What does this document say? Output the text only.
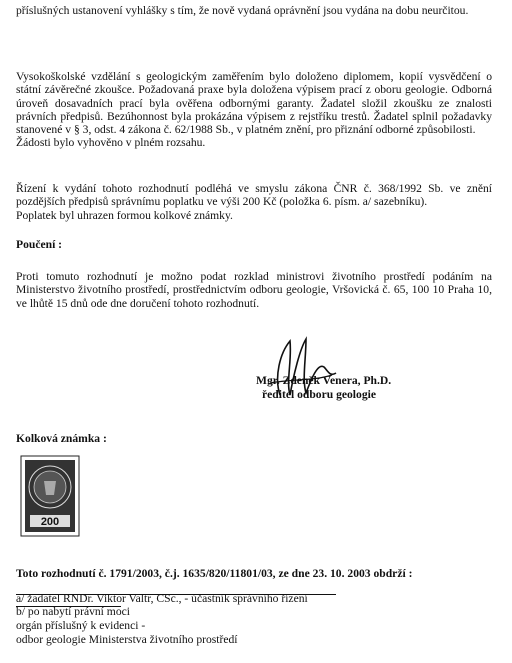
příslušných ustanovení vyhlášky s tím, že nově vydaná oprávnění jsou vydána na dobu neurčitou.

Vysokoškolské vzdělání s geologickým zaměřením bylo doloženo diplomem, kopií vysvědčení o státní závěrečné zkoušce. Požadovaná praxe byla doložena výpisem prací z oboru geologie. Odborná úroveň dosavadních prací byla ověřena odbornými garanty. Žadatel složil zkoušku ze znalosti právních předpisů. Bezúhonnost byla prokázána výpisem z rejstříku trestů. Žadatel splnil požadavky stanovené v § 3, odst. 4 zákona č. 62/1988 Sb., v platném znění, pro přiznání odborné způsobilosti.
Žádosti bylo vyhověno v plném rozsahu.

Řízení k vydání tohoto rozhodnutí podléhá ve smyslu zákona ČNR č. 368/1992 Sb. ve znění pozdějších předpisů správnímu poplatku ve výši 200 Kč (položka 6. písm. a/ sazebníku).
Poplatek byl uhrazen formou kolkové známky.

Poučení :

Proti tomuto rozhodnutí je možno podat rozklad ministrovi životního prostředí podáním na Ministerstvo životního prostředí, prostřednictvím odboru geologie, Vršovická č. 65, 100 10 Praha 10, ve lhůtě 15 dnů ode dne doručení tohoto rozhodnutí.

Mgr. Zdeněk Venera, Ph.D.
ředitel odboru geologie

Kolková známka :

200

Toto rozhodnutí č. 1791/2003, č.j. 1635/820/11801/03, ze dne 23. 10. 2003 obdrží :

a/ žadatel RNDr. Viktor Valtr, CSc., - účastník správního řízení

b/ po nabytí právní moci

orgán příslušný k evidenci -

odbor geologie Ministerstva životního prostředí
